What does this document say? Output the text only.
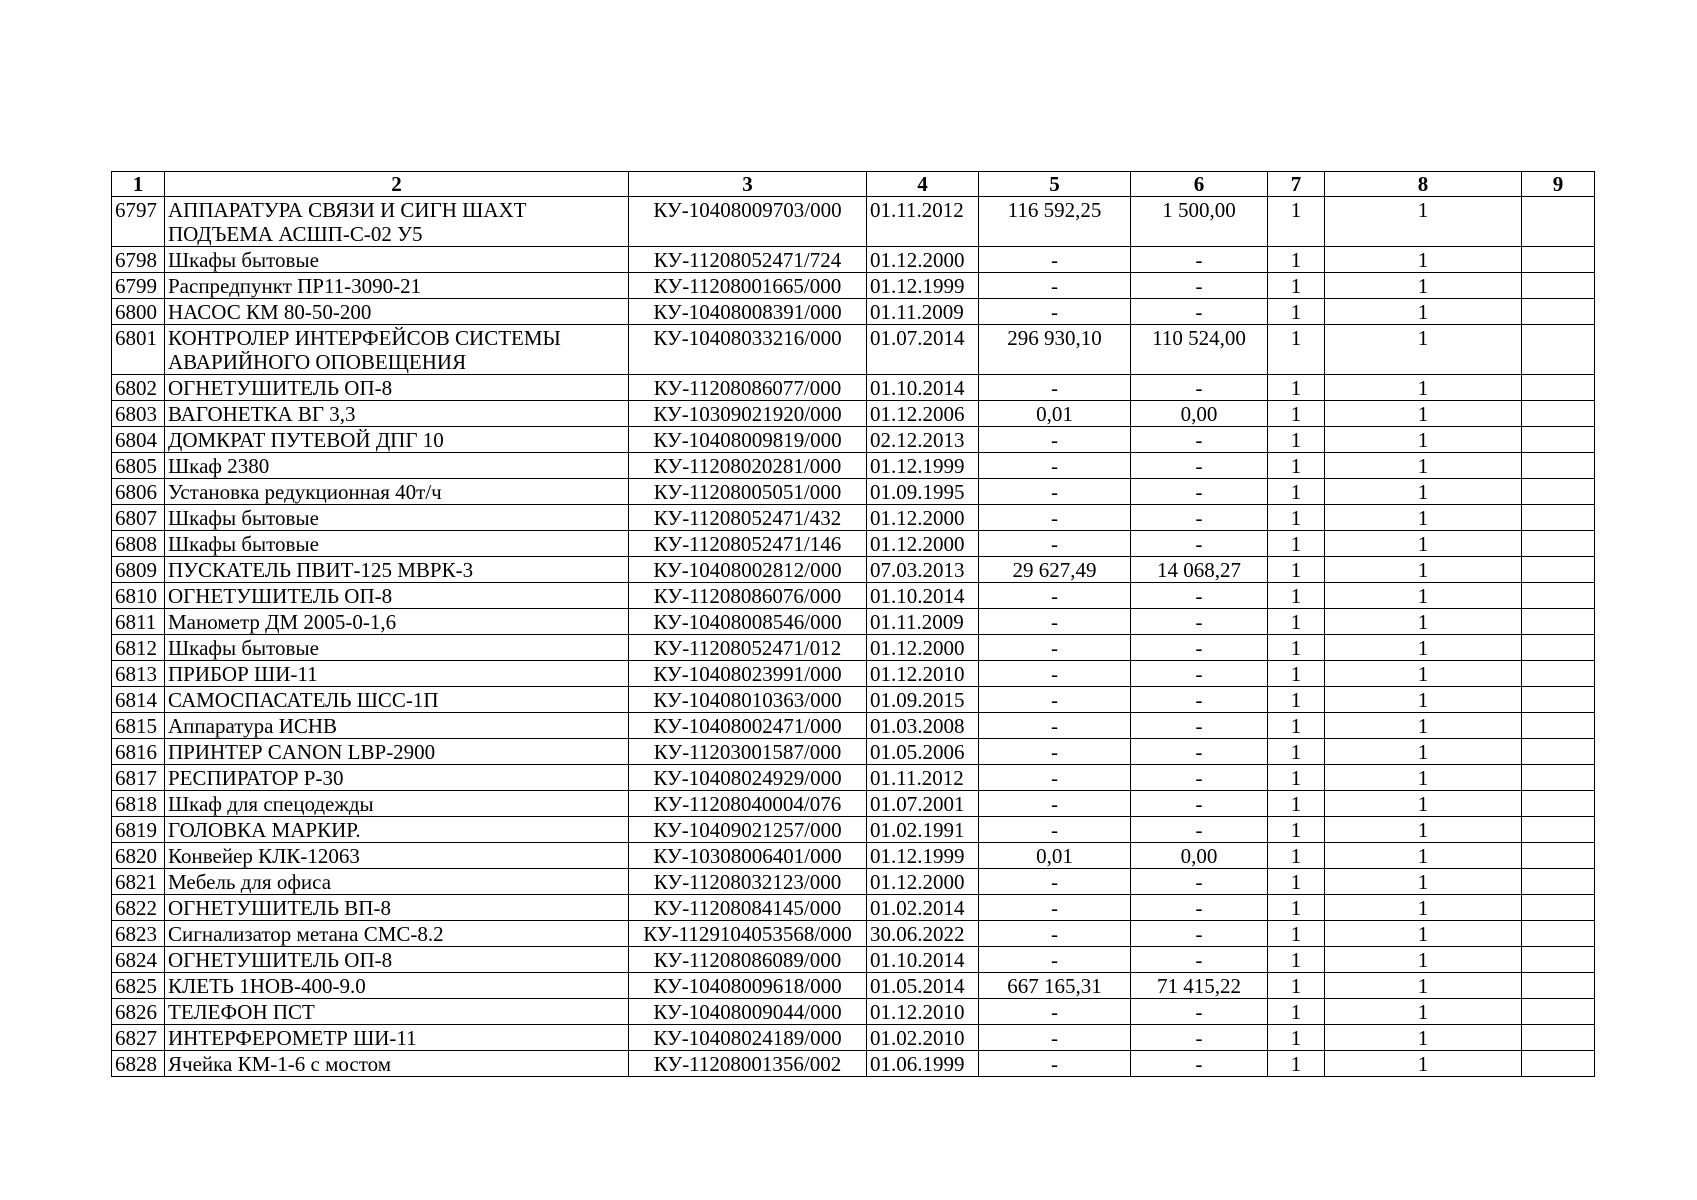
1	2	3	4	5	6	7	8	9
6797	АППАРАТУРА СВЯЗИ И СИГН ШАХТ ПОДЪЕМА АСШП-С-02 У5	КУ-10408009703/000	01.11.2012	116 592,25	1 500,00	1	1	
6798	Шкафы бытовые	КУ-11208052471/724	01.12.2000	-	-	1	1	
6799	Распредпункт ПР11-3090-21	КУ-11208001665/000	01.12.1999	-	-	1	1	
6800	НАСОС КМ 80-50-200	КУ-10408008391/000	01.11.2009	-	-	1	1	
6801	КОНТРОЛЕР ИНТЕРФЕЙСОВ СИСТЕМЫ АВАРИЙНОГО ОПОВЕЩЕНИЯ	КУ-10408033216/000	01.07.2014	296 930,10	110 524,00	1	1	
6802	ОГНЕТУШИТЕЛЬ ОП-8	КУ-11208086077/000	01.10.2014	-	-	1	1	
6803	ВАГОНЕТКА ВГ 3,3	КУ-10309021920/000	01.12.2006	0,01	0,00	1	1	
6804	ДОМКРАТ ПУТЕВОЙ ДПГ 10	КУ-10408009819/000	02.12.2013	-	-	1	1	
6805	Шкаф 2380	КУ-11208020281/000	01.12.1999	-	-	1	1	
6806	Установка редукционная 40т/ч	КУ-11208005051/000	01.09.1995	-	-	1	1	
6807	Шкафы бытовые	КУ-11208052471/432	01.12.2000	-	-	1	1	
6808	Шкафы бытовые	КУ-11208052471/146	01.12.2000	-	-	1	1	
6809	ПУСКАТЕЛЬ ПВИТ-125 МВРК-3	КУ-10408002812/000	07.03.2013	29 627,49	14 068,27	1	1	
6810	ОГНЕТУШИТЕЛЬ ОП-8	КУ-11208086076/000	01.10.2014	-	-	1	1	
6811	Манометр ДМ 2005-0-1,6	КУ-10408008546/000	01.11.2009	-	-	1	1	
6812	Шкафы бытовые	КУ-11208052471/012	01.12.2000	-	-	1	1	
6813	ПРИБОР ШИ-11	КУ-10408023991/000	01.12.2010	-	-	1	1	
6814	САМОСПАСАТЕЛЬ ШСС-1П	КУ-10408010363/000	01.09.2015	-	-	1	1	
6815	Аппаратура ИСНВ	КУ-10408002471/000	01.03.2008	-	-	1	1	
6816	ПРИНТЕР CANON LBP-2900	КУ-11203001587/000	01.05.2006	-	-	1	1	
6817	РЕСПИРАТОР Р-30	КУ-10408024929/000	01.11.2012	-	-	1	1	
6818	Шкаф для спецодежды	КУ-11208040004/076	01.07.2001	-	-	1	1	
6819	ГОЛОВКА МАРКИР.	КУ-10409021257/000	01.02.1991	-	-	1	1	
6820	Конвейер КЛК-12063	КУ-10308006401/000	01.12.1999	0,01	0,00	1	1	
6821	Мебель для офиса	КУ-11208032123/000	01.12.2000	-	-	1	1	
6822	ОГНЕТУШИТЕЛЬ ВП-8	КУ-11208084145/000	01.02.2014	-	-	1	1	
6823	Сигнализатор метана СМС-8.2	КУ-1129104053568/000	30.06.2022	-	-	1	1	
6824	ОГНЕТУШИТЕЛЬ ОП-8	КУ-11208086089/000	01.10.2014	-	-	1	1	
6825	КЛЕТЬ 1НОВ-400-9.0	КУ-10408009618/000	01.05.2014	667 165,31	71 415,22	1	1	
6826	ТЕЛЕФОН ПСТ	КУ-10408009044/000	01.12.2010	-	-	1	1	
6827	ИНТЕРФЕРОМЕТР ШИ-11	КУ-10408024189/000	01.02.2010	-	-	1	1	
6828	Ячейка КМ-1-6 с мостом	КУ-11208001356/002	01.06.1999	-	-	1	1	
